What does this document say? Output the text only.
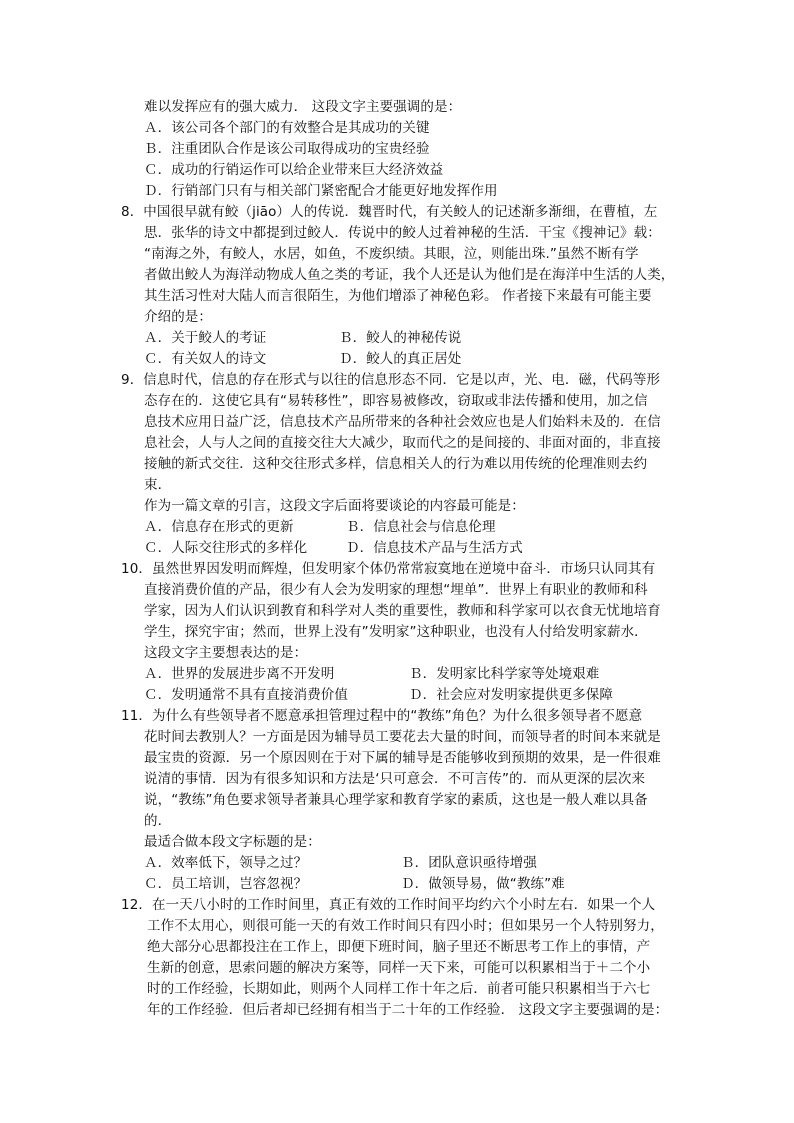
难以发挥应有的强大威力． 这段文字主要强调的是：
Ａ．该公司各个部门的有效整合是其成功的关键
Ｂ．注重团队合作是该公司取得成功的宝贵经验
Ｃ．成功的行销运作可以给企业带来巨大经济效益
Ｄ．行销部门只有与相关部门紧密配合才能更好地发挥作用
8．中国很早就有鲛（jiāo）人的传说．魏晋时代，有关鲛人的记述渐多渐细，在曹植，左
思．张华的诗文中都提到过鲛人．传说中的鲛人过着神秘的生活．干宝《搜神记》载：
“南海之外，有鲛人，水居，如鱼，不废织绩。其眼，泣，则能出珠.”虽然不断有学
者做出鲛人为海洋动物成人鱼之类的考证，我个人还是认为他们是在海洋中生活的人类，
其生活习性对大陆人而言很陌生，为他们增添了神秘色彩。 作者接下来最有可能主要
介绍的是：
Ａ．关于鲛人的考证	Ｂ．鲛人的神秘传说
Ｃ．有关奴人的诗文	Ｄ．鲛人的真正居处
9．信息时代，信息的存在形式与以往的信息形态不同．它是以声，光、电．磁，代码等形
态存在的．这使它具有“易转移性”，即容易被修改，窃取或非法传播和使用，加之信
息技术应用日益广泛，信息技术产品所带来的各种社会效应也是人们始料未及的．在信
息社会，人与人之间的直接交往大大减少，取而代之的是间接的、非面对面的，非直接
接触的新式交往．这种交往形式多样，信息相关人的行为难以用传统的伦理准则去约
束．
作为一篇文章的引言，这段文字后面将要谈论的内容最可能是：
Ａ．信息存在形式的更新	Ｂ．信息社会与信息伦理
Ｃ．人际交往形式的多样化	Ｄ．信息技术产品与生活方式
10．虽然世界因发明而辉煌，但发明家个体仍常常寂寞地在逆境中奋斗．市场只认同其有
直接消费价值的产品，很少有人会为发明家的理想“埋单”．世界上有职业的教师和科
学家，因为人们认识到教育和科学对人类的重要性，教师和科学家可以衣食无忧地培育
学生，探究宇宙；然而，世界上没有”发明家”这种职业，也没有人付给发明家薪水．
这段文字主要想表达的是：
Ａ．世界的发展进步离不开发明	Ｂ．发明家比科学家等处境艰难
Ｃ．发明通常不具有直接消费价值	Ｄ．社会应对发明家提供更多保障
11．为什么有些领导者不愿意承担管理过程中的“教练”角色？为什么很多领导者不愿意
花时间去教别人？一方面是因为辅导员工要花去大量的时间，而领导者的时间本来就是
最宝贵的资源．另一个原因则在于对下属的辅导是否能够收到预期的效果，是一件很难
说清的事情．因为有很多知识和方法是‘只可意会．不可言传”的．而从更深的层次来
说，“教练”角色要求领导者兼具心理学家和教育学家的素质，这也是一般人难以具备
的．
最适合做本段文字标题的是：
Ａ．效率低下，领导之过？	Ｂ．团队意识亟待增强
Ｃ．员工培训，岂容忽视？	Ｄ．做领导易，做“教练”难
12．在一天八小时的工作时间里，真正有效的工作时间平均约六个小时左右．如果一个人
工作不太用心，则很可能一天的有效工作时间只有四小时；但如果另一个人特别努力，
绝大部分心思都投注在工作上，即便下班时间，脑子里还不断思考工作上的事情，产
生新的创意，思索问题的解决方案等，同样一天下来，可能可以积累相当于＋二个小
时的工作经验，长期如此，则两个人同样工作十年之后．前者可能只积累相当于六七
年的工作经验．但后者却已经拥有相当于二十年的工作经验． 这段文字主要强调的是：
